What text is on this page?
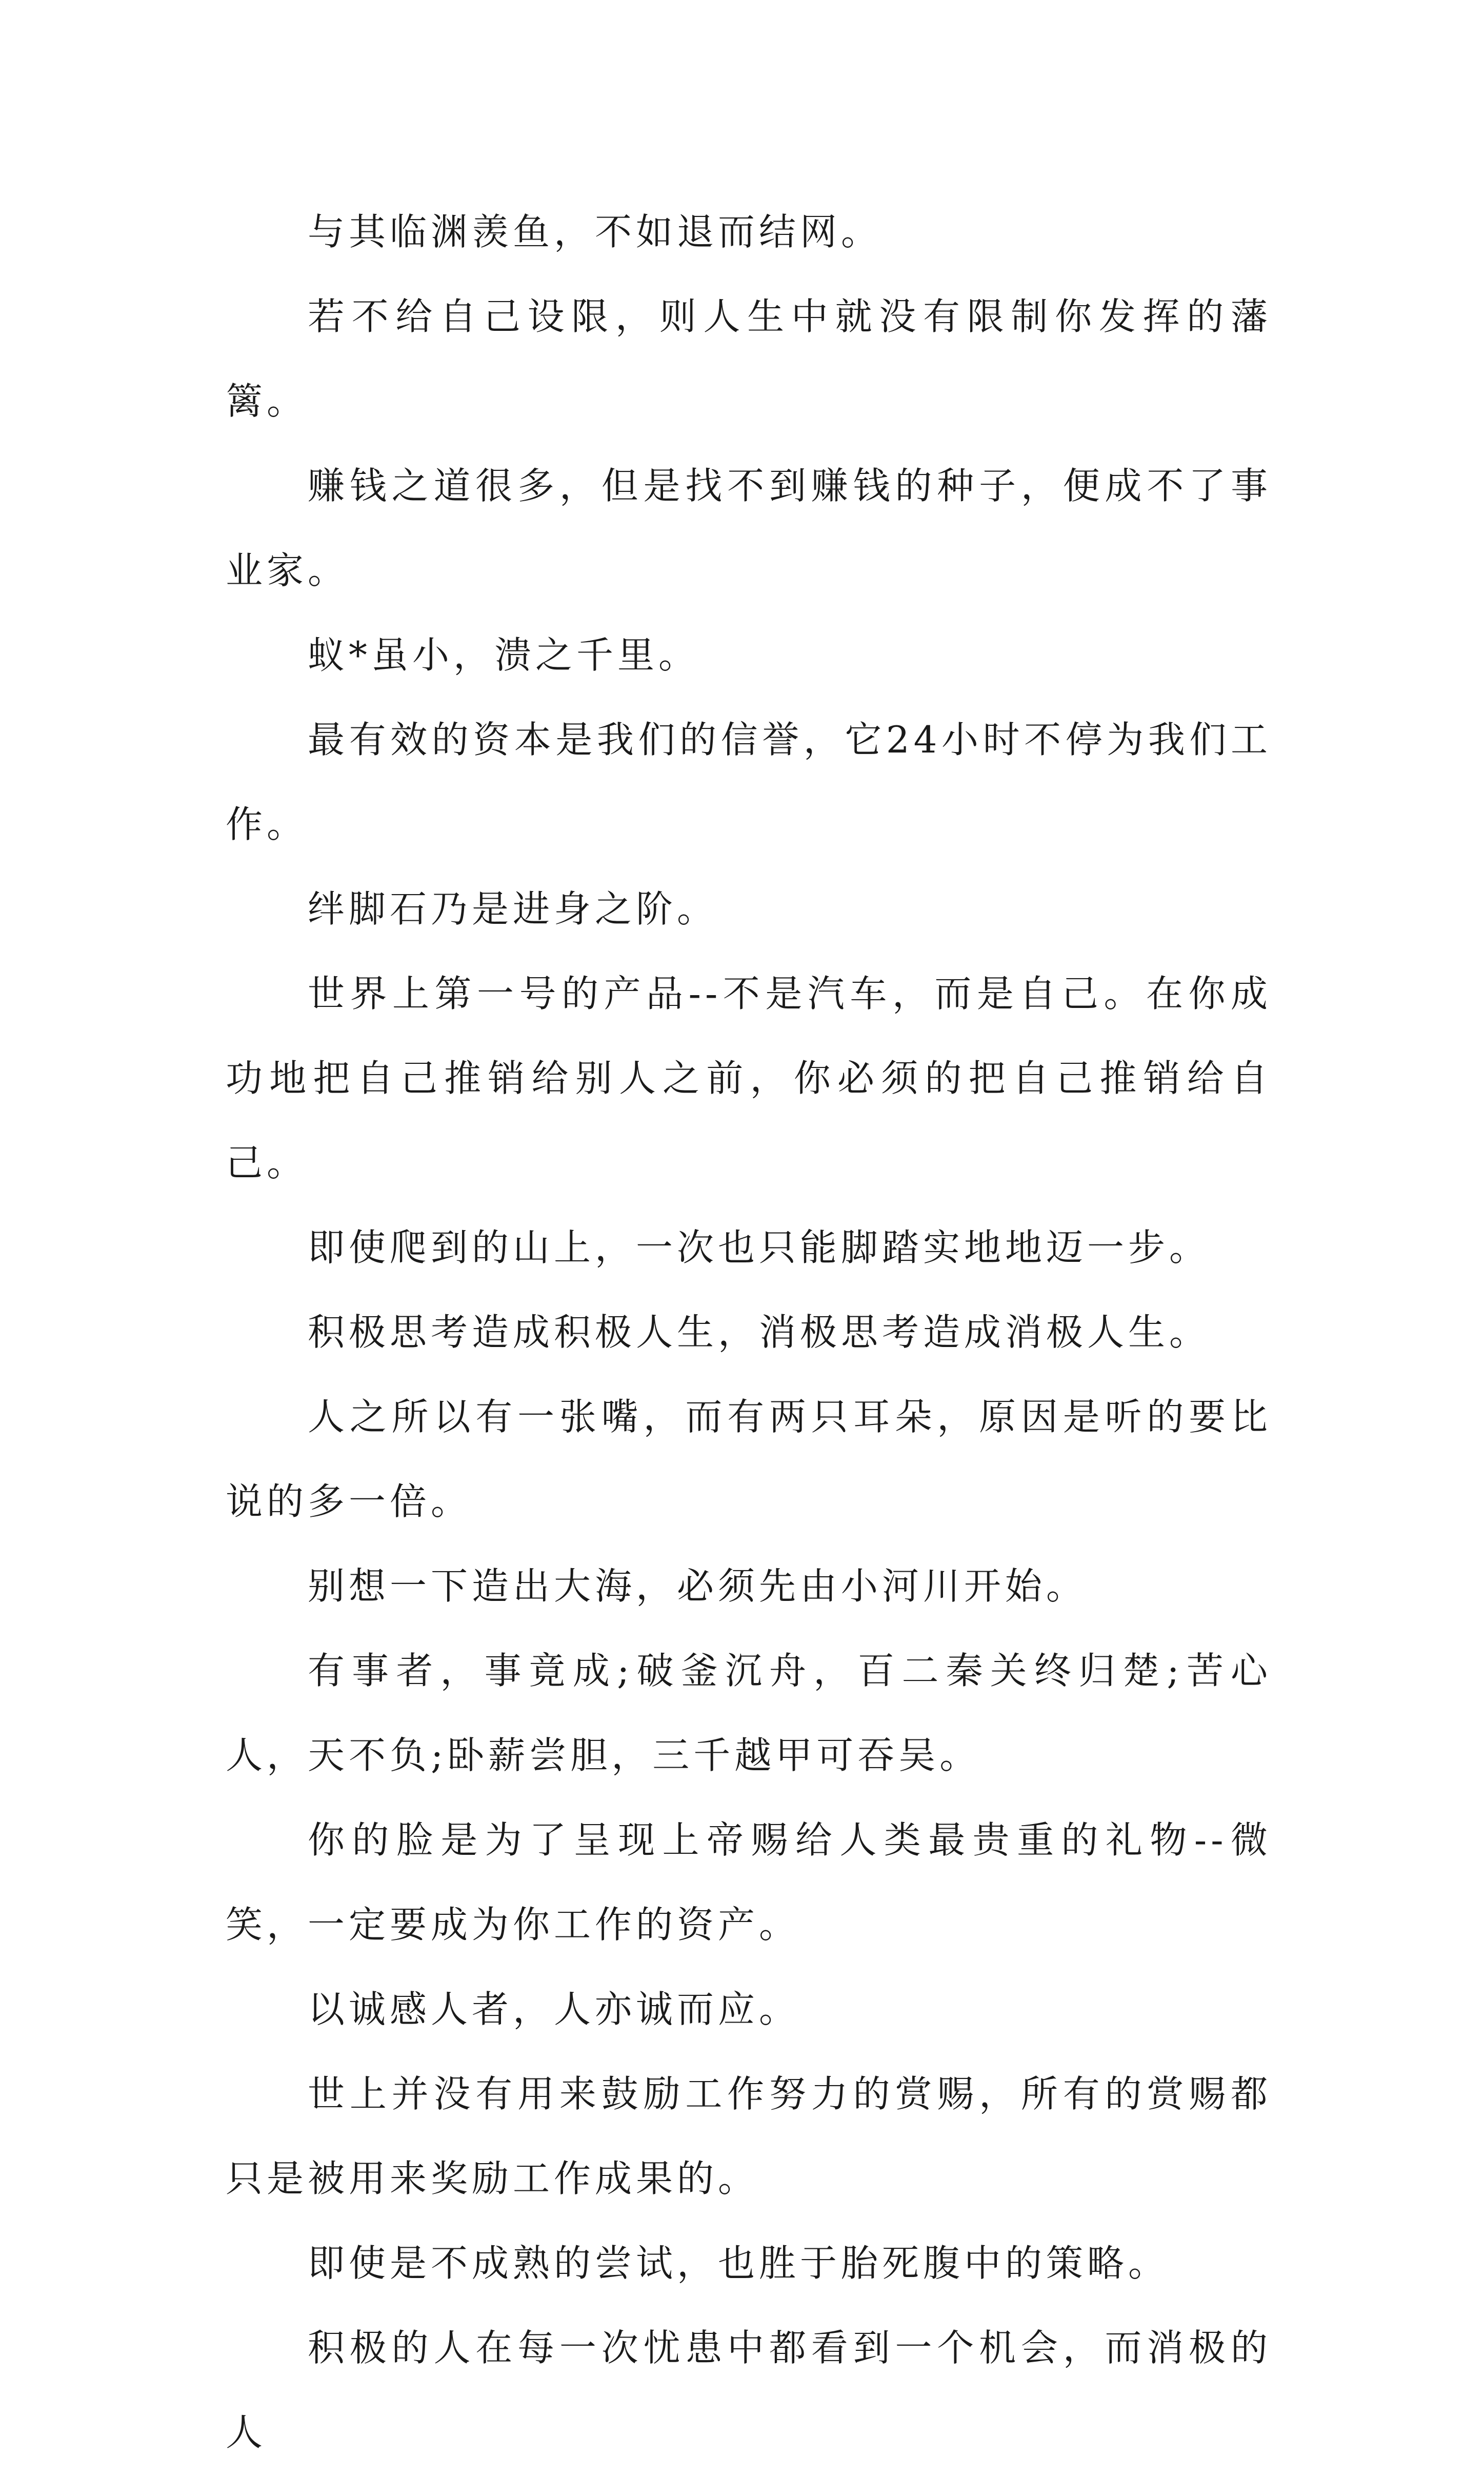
与其临渊羡鱼，不如退而结网。

若不给自己设限，则人生中就没有限制你发挥的藩篱。

赚钱之道很多，但是找不到赚钱的种子，便成不了事业家。

蚁*虽小，溃之千里。

最有效的资本是我们的信誉，它24小时不停为我们工作。

绊脚石乃是进身之阶。

世界上第一号的产品--不是汽车，而是自己。在你成功地把自己推销给别人之前，你必须的把自己推销给自己。

即使爬到的山上，一次也只能脚踏实地地迈一步。

积极思考造成积极人生，消极思考造成消极人生。

人之所以有一张嘴，而有两只耳朵，原因是听的要比说的多一倍。

别想一下造出大海，必须先由小河川开始。

有事者，事竟成;破釜沉舟，百二秦关终归楚;苦心人，天不负;卧薪尝胆，三千越甲可吞吴。

你的脸是为了呈现上帝赐给人类最贵重的礼物--微笑，一定要成为你工作的资产。

以诚感人者，人亦诚而应。

世上并没有用来鼓励工作努力的赏赐，所有的赏赐都只是被用来奖励工作成果的。

即使是不成熟的尝试，也胜于胎死腹中的策略。

积极的人在每一次忧患中都看到一个机会，而消极的人
